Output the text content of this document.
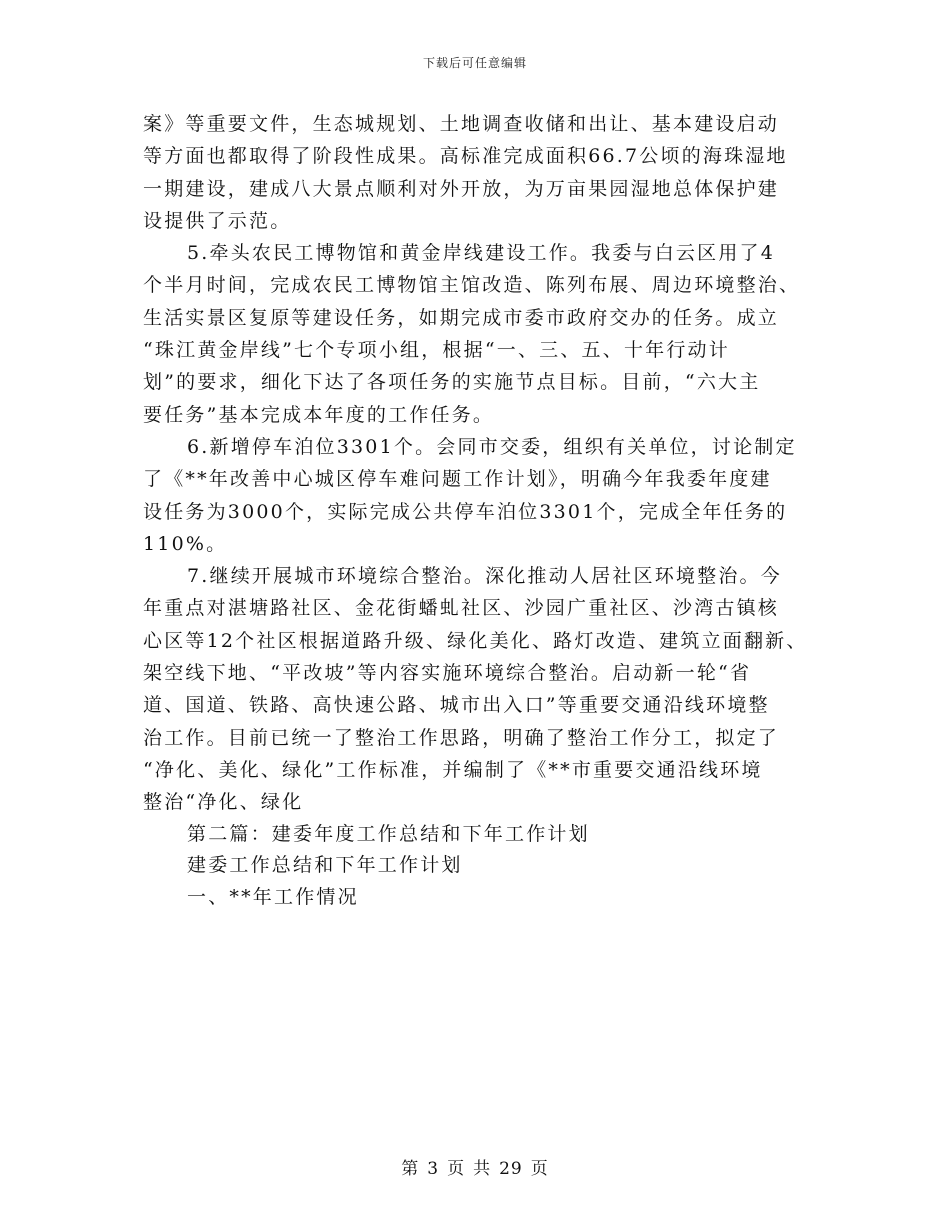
下载后可任意编辑
案》等重要文件，生态城规划、土地调查收储和出让、基本建设启动
等方面也都取得了阶段性成果。高标准完成面积66.7公顷的海珠湿地
一期建设，建成八大景点顺利对外开放，为万亩果园湿地总体保护建
设提供了示范。
5.牵头农民工博物馆和黄金岸线建设工作。我委与白云区用了4
个半月时间，完成农民工博物馆主馆改造、陈列布展、周边环境整治、
生活实景区复原等建设任务，如期完成市委市政府交办的任务。成立
“珠江黄金岸线”七个专项小组，根据“一、三、五、十年行动计
划”的要求，细化下达了各项任务的实施节点目标。目前，“六大主
要任务”基本完成本年度的工作任务。
6.新增停车泊位3301个。会同市交委，组织有关单位，讨论制定
了《**年改善中心城区停车难问题工作计划》，明确今年我委年度建
设任务为3000个，实际完成公共停车泊位3301个，完成全年任务的
110%。
7.继续开展城市环境综合整治。深化推动人居社区环境整治。今
年重点对湛塘路社区、金花街蟠虬社区、沙园广重社区、沙湾古镇核
心区等12个社区根据道路升级、绿化美化、路灯改造、建筑立面翻新、
架空线下地、“平改坡”等内容实施环境综合整治。启动新一轮“省
道、国道、铁路、高快速公路、城市出入口”等重要交通沿线环境整
治工作。目前已统一了整治工作思路，明确了整治工作分工，拟定了
“净化、美化、绿化”工作标准，并编制了《**市重要交通沿线环境
整治“净化、绿化
第二篇：建委年度工作总结和下年工作计划
建委工作总结和下年工作计划
一、**年工作情况
第 3 页 共 29 页
